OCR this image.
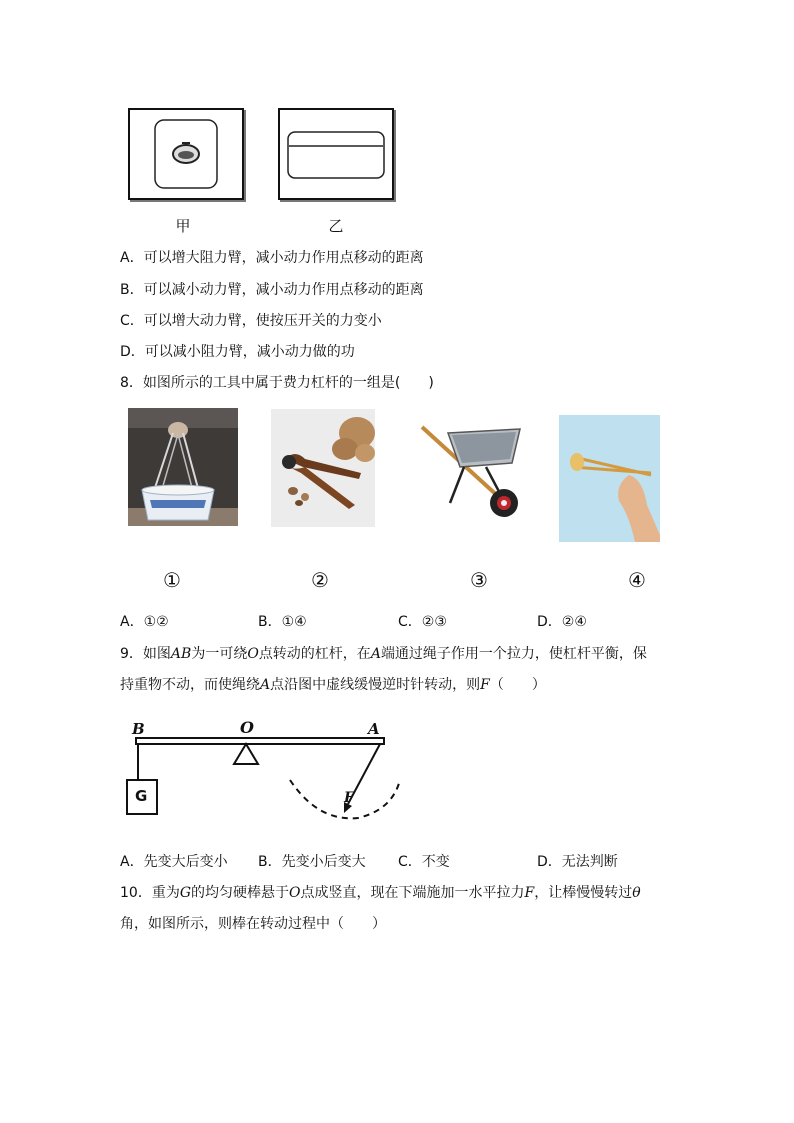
甲	乙
A．可以增大阻力臂，减小动力作用点移动的距离
B．可以减小动力臂，减小动力作用点移动的距离
C．可以增大动力臂，使按压开关的力变小
D．可以减小阻力臂，减小动力做的功
8．如图所示的工具中属于费力杠杆的一组是(　　)
①	②	③	④
A．①②	B．①④	C．②③	D．②④
9．如图AB为一可绕O点转动的杠杆，在A端通过绳子作用一个拉力，使杠杆平衡，保
持重物不动，而使绳绕A点沿图中虚线缓慢逆时针转动，则F（　　）
B	O	A
G	F
A．先变大后变小 B．先变小后变大 C．不变	D．无法判断
10．重为G的均匀硬棒悬于O点成竖直，现在下端施加一水平拉力F，让棒慢慢转过θ
角，如图所示，则棒在转动过程中（　　）
